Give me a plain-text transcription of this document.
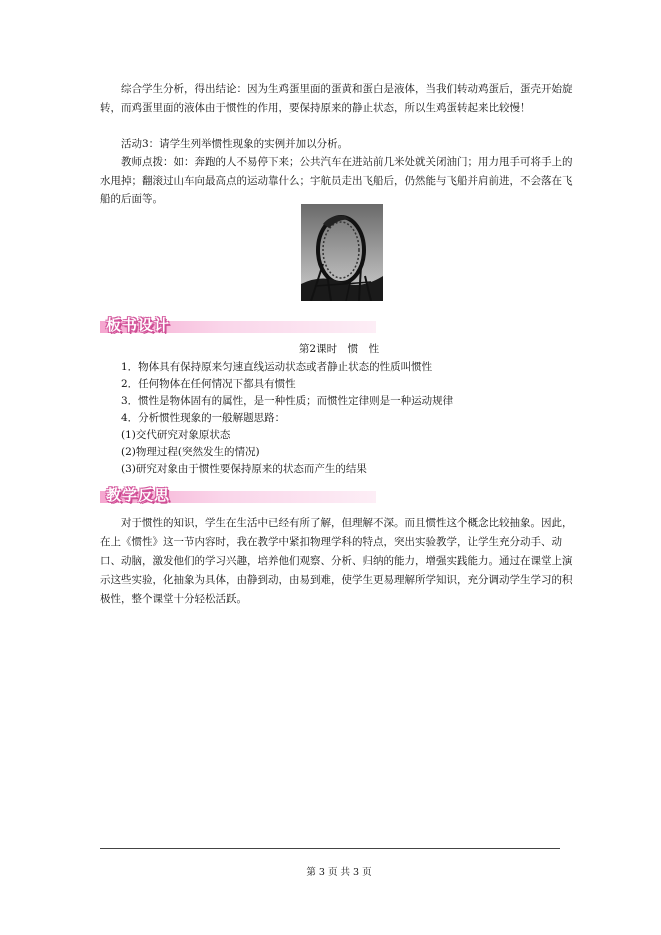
综合学生分析，得出结论：因为生鸡蛋里面的蛋黄和蛋白是液体，当我们转动鸡蛋后，蛋壳开始旋转，而鸡蛋里面的液体由于惯性的作用，要保持原来的静止状态，所以生鸡蛋转起来比较慢！

活动3：请学生列举惯性现象的实例并加以分析。

教师点拨：如：奔跑的人不易停下来；公共汽车在进站前几米处就关闭油门；用力甩手可将手上的水甩掉；翻滚过山车向最高点的运动靠什么；宇航员走出飞船后，仍然能与飞船并肩前进，不会落在飞船的后面等。

板书设计
第2课时　惯　性
1．物体具有保持原来匀速直线运动状态或者静止状态的性质叫惯性
2．任何物体在任何情况下都具有惯性
3．惯性是物体固有的属性，是一种性质；而惯性定律则是一种运动规律
4．分析惯性现象的一般解题思路：
(1)交代研究对象原状态
(2)物理过程(突然发生的情况)
(3)研究对象由于惯性要保持原来的状态而产生的结果
教学反思

对于惯性的知识，学生在生活中已经有所了解，但理解不深。而且惯性这个概念比较抽象。因此，在上《惯性》这一节内容时，我在教学中紧扣物理学科的特点，突出实验教学，让学生充分动手、动口、动脑，激发他们的学习兴趣，培养他们观察、分析、归纳的能力，增强实践能力。通过在课堂上演示这些实验，化抽象为具体，由静到动，由易到难，使学生更易理解所学知识，充分调动学生学习的积极性，整个课堂十分轻松活跃。

第 3 页 共 3 页
